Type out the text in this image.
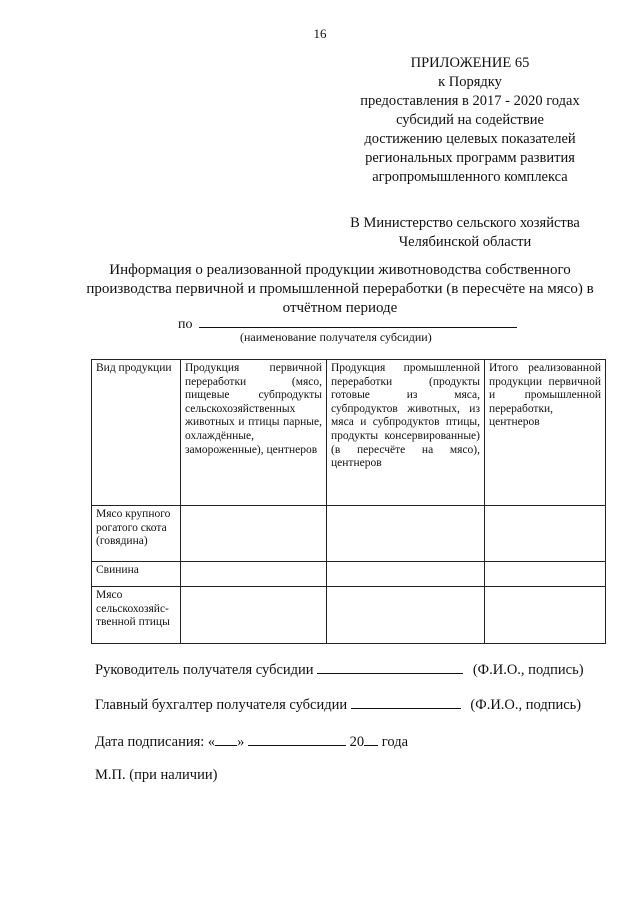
16
ПРИЛОЖЕНИЕ 65
к Порядку
предоставления в 2017 - 2020 годах
субсидий на содействие
достижению целевых показателей
региональных программ развития
агропромышленного комплекса
В Министерство сельского хозяйства
Челябинской области
Информация о реализованной продукции животноводства собственного производства первичной и промышленной переработки (в пересчёте на мясо) в отчётном периоде
по
(наименование получателя субсидии)
Вид продукции	Продукция первичной переработки (мясо, пищевые субпродукты сельскохозяйственных животных и птицы парные, охлаждённые, замороженные), центнеров	Продукция промышленной переработки (продукты готовые из мяса, субпродуктов животных, из мяса и субпродуктов птицы, продукты консервированные) (в пересчёте на мясо), центнеров	Итого реализованной продукции первичной и промышленной переработки, центнеров
Мясо крупного рогатого скота (говядина)			
Свинина			
Мясо сельскохозяйс-твенной птицы			
Руководитель получателя субсидии	(Ф.И.О., подпись)
Главный бухгалтер получателя субсидии	(Ф.И.О., подпись)
Дата подписания: « »	20 года
М.П. (при наличии)
